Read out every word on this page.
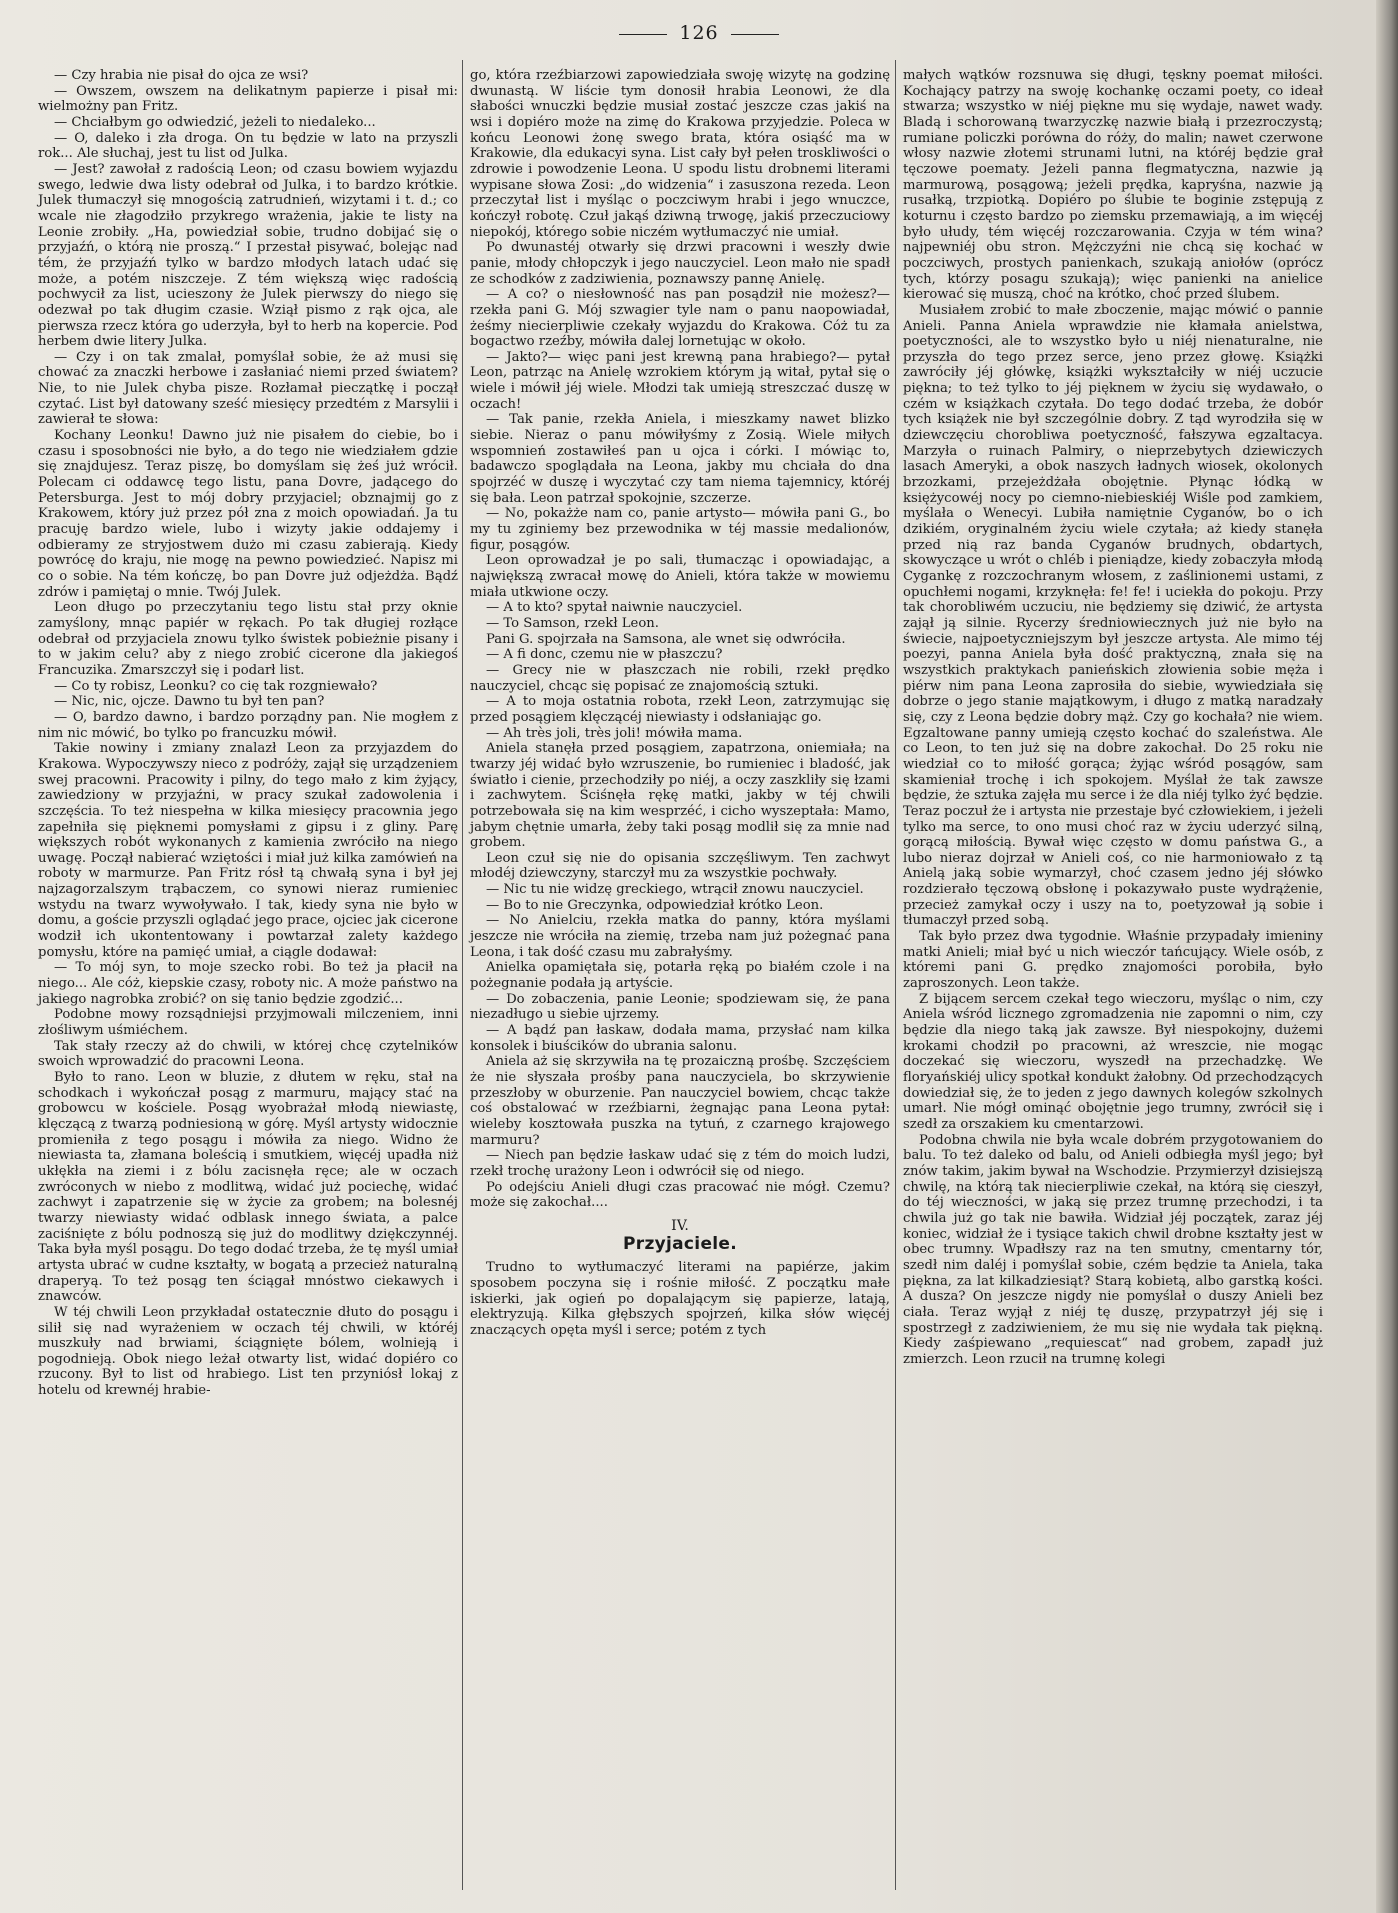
126

— Czy hrabia nie pisał do ojca ze wsi?

— Owszem, owszem na delikatnym papierze i pisał mi: wielmożny pan Fritz.

— Chciałbym go odwiedzić, jeżeli to niedaleko...

— O, daleko i zła droga. On tu będzie w lato na przyszli rok... Ale słuchaj, jest tu list od Julka.

— Jest? zawołał z radością Leon; od czasu bowiem wyjazdu swego, ledwie dwa listy odebrał od Julka, i to bardzo krótkie. Julek tłumaczył się mnogością zatrudnień, wizytami i t. d.; co wcale nie złagodziło przykrego wrażenia, jakie te listy na Leonie zrobiły. „Ha, powiedział sobie, trudno dobijać się o przyjaźń, o którą nie proszą.“ I przestał pisywać, bolejąc nad tém, że przyjaźń tylko w bardzo młodych latach udać się może, a potém niszczeje. Z tém większą więc radością pochwycił za list, ucieszony że Julek pierwszy do niego się odezwał po tak długim czasie. Wziął pismo z rąk ojca, ale pierwsza rzecz która go uderzyła, był to herb na kopercie. Pod herbem dwie litery Julka.

— Czy i on tak zmalał, pomyślał sobie, że aż musi się chować za znaczki herbowe i zasłaniać niemi przed światem? Nie, to nie Julek chyba pisze. Rozłamał pieczątkę i począł czytać. List był datowany sześć miesięcy przedtém z Marsylii i zawierał te słowa:

Kochany Leonku! Dawno już nie pisałem do ciebie, bo i czasu i sposobności nie było, a do tego nie wiedziałem gdzie się znajdujesz. Teraz piszę, bo domyślam się żeś już wrócił. Polecam ci oddawcę tego listu, pana Dovre, jadącego do Petersburga. Jest to mój dobry przyjaciel; obznajmij go z Krakowem, który już przez pół zna z moich opowiadań. Ja tu pracuję bardzo wiele, lubo i wizyty jakie oddajemy i odbieramy ze stryjostwem dużo mi czasu zabierają. Kiedy powrócę do kraju, nie mogę na pewno powiedzieć. Napisz mi co o sobie. Na tém kończę, bo pan Dovre już odjeżdża. Bądź zdrów i pamiętaj o mnie. Twój Julek.

Leon długo po przeczytaniu tego listu stał przy oknie zamyślony, mnąc papiér w rękach. Po tak długiej rozłące odebrał od przyjaciela znowu tylko świstek pobieżnie pisany i to w jakim celu? aby z niego zrobić cicerone dla jakiegoś Francuzika. Zmarszczył się i podarł list.

— Co ty robisz, Leonku? co cię tak rozgniewało?

— Nic, nic, ojcze. Dawno tu był ten pan?

— O, bardzo dawno, i bardzo porządny pan. Nie mogłem z nim nic mówić, bo tylko po francuzku mówił.

Takie nowiny i zmiany znalazł Leon za przyjazdem do Krakowa. Wypoczywszy nieco z podróży, zajął się urządzeniem swej pracowni. Pracowity i pilny, do tego mało z kim żyjący, zawiedziony w przyjaźni, w pracy szukał zadowolenia i szczęścia. To też niespełna w kilka miesięcy pracownia jego zapełniła się pięknemi pomysłami z gipsu i z gliny. Parę większych robót wykonanych z kamienia zwróciło na niego uwagę. Począł nabierać wziętości i miał już kilka zamówień na roboty w marmurze. Pan Fritz rósł tą chwałą syna i był jej najzagorzalszym trąbaczem, co synowi nieraz rumieniec wstydu na twarz wywoływało. I tak, kiedy syna nie było w domu, a goście przyszli oglądać jego prace, ojciec jak cicerone wodził ich ukontentowany i powtarzał zalety każdego pomysłu, które na pamięć umiał, a ciągle dodawał:

— To mój syn, to moje szecko robi. Bo też ja płacił na niego... Ale cóż, kiepskie czasy, roboty nic. A może państwo na jakiego nagrobka zrobić? on się tanio będzie zgodzić...

Podobne mowy rozsądniejsi przyjmowali milczeniem, inni złośliwym uśmiéchem.

Tak stały rzeczy aż do chwili, w której chcę czytelników swoich wprowadzić do pracowni Leona.

Było to rano. Leon w bluzie, z dłutem w ręku, stał na schodkach i wykończał posąg z marmuru, mający stać na grobowcu w kościele. Posąg wyobrażał młodą niewiastę, klęczącą z twarzą podniesioną w górę. Myśl artysty widocznie promieniła z tego posągu i mówiła za niego. Widno że niewiasta ta, złamana boleścią i smutkiem, więcéj upadła niż ukłękła na ziemi i z bólu zacisnęła ręce; ale w oczach zwróconych w niebo z modlitwą, widać już pociechę, widać zachwyt i zapatrzenie się w życie za grobem; na bolesnéj twarzy niewiasty widać odblask innego świata, a palce zaciśnięte z bólu podnoszą się już do modlitwy dziękczynnéj. Taka była myśl posągu. Do tego dodać trzeba, że tę myśl umiał artysta ubrać w cudne kształty, w bogatą a przecież naturalną draperyą. To też posąg ten ściągał mnóstwo ciekawych i znawców.

W téj chwili Leon przykładał ostatecznie dłuto do posągu i silił się nad wyrażeniem w oczach téj chwili, w któréj muszkuły nad brwiami, ściągnięte bólem, wolnieją i pogodnieją. Obok niego leżał otwarty list, widać dopiéro co rzucony. Był to list od hrabiego. List ten przyniósł lokaj z hotelu od krewnéj hrabie-

go, która rzeźbiarzowi zapowiedziała swoję wizytę na godzinę dwunastą. W liście tym donosił hrabia Leonowi, że dla słabości wnuczki będzie musiał zostać jeszcze czas jakiś na wsi i dopiéro może na zimę do Krakowa przyjedzie. Poleca w końcu Leonowi żonę swego brata, która osiąść ma w Krakowie, dla edukacyi syna. List cały był pełen troskliwości o zdrowie i powodzenie Leona. U spodu listu drobnemi literami wypisane słowa Zosi: „do widzenia“ i zasuszona rezeda. Leon przeczytał list i myśląc o poczciwym hrabi i jego wnuczce, kończył robotę. Czuł jakąś dziwną trwogę, jakiś przeczuciowy niepokój, którego sobie niczém wytłumaczyć nie umiał.

Po dwunastéj otwarły się drzwi pracowni i weszły dwie panie, młody chłopczyk i jego nauczyciel. Leon mało nie spadł ze schodków z zadziwienia, poznawszy pannę Anielę.

— A co? o niesłowność nas pan posądził nie możesz?—rzekła pani G. Mój szwagier tyle nam o panu naopowiadał, żeśmy niecierpliwie czekały wyjazdu do Krakowa. Cóż tu za bogactwo rzeźby, mówiła dalej lornetując w około.

— Jakto?— więc pani jest krewną pana hrabiego?— pytał Leon, patrząc na Anielę wzrokiem którym ją witał, pytał się o wiele i mówił jéj wiele. Młodzi tak umieją streszczać duszę w oczach!

— Tak panie, rzekła Aniela, i mieszkamy nawet blizko siebie. Nieraz o panu mówiłyśmy z Zosią. Wiele miłych wspomnień zostawiłeś pan u ojca i córki. I mówiąc to, badawczo spoglądała na Leona, jakby mu chciała do dna spojrzéć w duszę i wyczytać czy tam niema tajemnicy, któréj się bała. Leon patrzał spokojnie, szczerze.

— No, pokażże nam co, panie artysto— mówiła pani G., bo my tu zginiemy bez przewodnika w téj massie medalionów, figur, posągów.

Leon oprowadzał je po sali, tłumacząc i opowiadając, a największą zwracał mowę do Anieli, która także w mowiemu miała utkwione oczy.

— A to kto? spytał naiwnie nauczyciel.

— To Samson, rzekł Leon.

Pani G. spojrzała na Samsona, ale wnet się odwróciła.

— A fi donc, czemu nie w płaszczu?

— Grecy nie w płaszczach nie robili, rzekł prędko nauczyciel, chcąc się popisać ze znajomością sztuki.

— A to moja ostatnia robota, rzekł Leon, zatrzymując się przed posągiem klęczącéj niewiasty i odsłaniając go.

— Ah très joli, très joli! mówiła mama.

Aniela stanęła przed posągiem, zapatrzona, oniemiała; na twarzy jéj widać było wzruszenie, bo rumieniec i bladość, jak światło i cienie, przechodziły po niéj, a oczy zaszkliły się łzami i zachwytem. Ściśnęła rękę matki, jakby w téj chwili potrzebowała się na kim wesprzéć, i cicho wyszeptała: Mamo, jabym chętnie umarła, żeby taki posąg modlił się za mnie nad grobem.

Leon czuł się nie do opisania szczęśliwym. Ten zachwyt młodéj dziewczyny, starczył mu za wszystkie pochwały.

— Nic tu nie widzę greckiego, wtrącił znowu nauczyciel.

— Bo to nie Greczynka, odpowiedział krótko Leon.

— No Anielciu, rzekła matka do panny, która myślami jeszcze nie wróciła na ziemię, trzeba nam już pożegnać pana Leona, i tak dość czasu mu zabrałyśmy.

Anielka opamiętała się, potarła ręką po białém czole i na pożegnanie podała ją artyście.

— Do zobaczenia, panie Leonie; spodziewam się, że pana niezadługo u siebie ujrzemy.

— A bądź pan łaskaw, dodała mama, przysłać nam kilka konsolek i biuścików do ubrania salonu.

Aniela aż się skrzywiła na tę prozaiczną prośbę. Szczęściem że nie słyszała prośby pana nauczyciela, bo skrzywienie przeszłoby w oburzenie. Pan nauczyciel bowiem, chcąc także coś obstalować w rzeźbiarni, żegnając pana Leona pytał: wieleby kosztowała puszka na tytuń, z czarnego krajowego marmuru?

— Niech pan będzie łaskaw udać się z tém do moich ludzi, rzekł trochę urażony Leon i odwrócił się od niego.

Po odejściu Anieli długi czas pracować nie mógł. Czemu? może się zakochał....

IV.
Przyjaciele.

Trudno to wytłumaczyć literami na papiérze, jakim sposobem poczyna się i rośnie miłość. Z początku małe iskierki, jak ogień po dopalającym się papierze, latają, elektryzują. Kilka głębszych spojrzeń, kilka słów więcéj znaczących opęta myśl i serce; potém z tych

małych wątków rozsnuwa się długi, tęskny poemat miłości. Kochający patrzy na swoję kochankę oczami poety, co ideał stwarza; wszystko w niéj piękne mu się wydaje, nawet wady. Bladą i schorowaną twarzyczkę nazwie białą i przezroczystą; rumiane policzki porówna do róży, do malin; nawet czerwone włosy nazwie złotemi strunami lutni, na któréj będzie grał tęczowe poematy. Jeżeli panna flegmatyczna, nazwie ją marmurową, posągową; jeżeli prędka, kapryśna, nazwie ją rusałką, trzpiotką. Dopiéro po ślubie te boginie zstępują z koturnu i często bardzo po ziemsku przemawiają, a im więcéj było ułudy, tém więcéj rozczarowania. Czyja w tém wina? najpewniéj obu stron. Mężczyźni nie chcą się kochać w poczciwych, prostych panienkach, szukają aniołów (oprócz tych, którzy posagu szukają); więc panienki na anielice kierować się muszą, choć na krótko, choć przed ślubem.

Musiałem zrobić to małe zboczenie, mając mówić o pannie Anieli. Panna Aniela wprawdzie nie kłamała anielstwa, poetyczności, ale to wszystko było u niéj nienaturalne, nie przyszła do tego przez serce, jeno przez głowę. Książki zawróciły jéj główkę, książki wykształciły w niéj uczucie piękna; to też tylko to jéj pięknem w życiu się wydawało, o czém w książkach czytała. Do tego dodać trzeba, że dobór tych książek nie był szczególnie dobry. Z tąd wyrodziła się w dziewczęciu chorobliwa poetyczność, fałszywa egzaltacya. Marzyła o ruinach Palmiry, o nieprzebytych dziewiczych lasach Ameryki, a obok naszych ładnych wiosek, okolonych brzozkami, przejeżdżała obojętnie. Płynąc łódką w księżycowéj nocy po ciemno-niebieskiéj Wiśle pod zamkiem, myślała o Wenecyi. Lubiła namiętnie Cyganów, bo o ich dzikiém, oryginalném życiu wiele czytała; aż kiedy stanęła przed nią raz banda Cyganów brudnych, obdartych, skowyczące u wrót o chléb i pieniądze, kiedy zobaczyła młodą Cygankę z rozczochranym włosem, z zaślinionemi ustami, z opuchłemi nogami, krzyknęła: fe! fe! i uciekła do pokoju. Przy tak chorobliwém uczuciu, nie będziemy się dziwić, że artysta zajął ją silnie. Rycerzy średniowiecznych już nie było na świecie, najpoetyczniejszym był jeszcze artysta. Ale mimo téj poezyi, panna Aniela była dość praktyczną, znała się na wszystkich praktykach panieńskich złowienia sobie męża i piérw nim pana Leona zaprosiła do siebie, wywiedziała się dobrze o jego stanie majątkowym, i długo z matką naradzały się, czy z Leona będzie dobry mąż. Czy go kochała? nie wiem. Egzaltowane panny umieją często kochać do szaleństwa. Ale co Leon, to ten już się na dobre zakochał. Do 25 roku nie wiedział co to miłość gorąca; żyjąc wśród posągów, sam skamieniał trochę i ich spokojem. Myślał że tak zawsze będzie, że sztuka zajęła mu serce i że dla niéj tylko żyć będzie. Teraz poczuł że i artysta nie przestaje być człowiekiem, i jeżeli tylko ma serce, to ono musi choć raz w życiu uderzyć silną, gorącą miłością. Bywał więc często w domu państwa G., a lubo nieraz dojrzał w Anieli coś, co nie harmoniowało z tą Anielą jaką sobie wymarzył, choć czasem jedno jéj słówko rozdzierało tęczową obsłonę i pokazywało puste wydrążenie, przecież zamykał oczy i uszy na to, poetyzował ją sobie i tłumaczył przed sobą.

Tak było przez dwa tygodnie. Właśnie przypadały imieniny matki Anieli; miał być u nich wieczór tańcujący. Wiele osób, z któremi pani G. prędko znajomości porobiła, było zaproszonych. Leon także.

Z bijącem sercem czekał tego wieczoru, myśląc o nim, czy Aniela wśród licznego zgromadzenia nie zapomni o nim, czy będzie dla niego taką jak zawsze. Był niespokojny, dużemi krokami chodził po pracowni, aż wreszcie, nie mogąc doczekać się wieczoru, wyszedł na przechadzkę. We floryańskiéj ulicy spotkał kondukt żałobny. Od przechodzących dowiedział się, że to jeden z jego dawnych kolegów szkolnych umarł. Nie mógł ominąć obojętnie jego trumny, zwrócił się i szedł za orszakiem ku cmentarzowi.

Podobna chwila nie była wcale dobrém przygotowaniem do balu. To też daleko od balu, od Anieli odbiegła myśl jego; był znów takim, jakim bywał na Wschodzie. Przymierzył dzisiejszą chwilę, na którą tak niecierpliwie czekał, na którą się cieszył, do téj wieczności, w jaką się przez trumnę przechodzi, i ta chwila już go tak nie bawiła. Widział jéj początek, zaraz jéj koniec, widział że i tysiące takich chwil drobne kształty jest w obec trumny. Wpadłszy raz na ten smutny, cmentarny tór, szedł nim daléj i pomyślał sobie, czém będzie ta Aniela, taka piękna, za lat kilkadziesiąt? Starą kobietą, albo garstką kości. A dusza? On jeszcze nigdy nie pomyślał o duszy Anieli bez ciała. Teraz wyjął z niéj tę duszę, przypatrzył jéj się i spostrzegł z zadziwieniem, że mu się nie wydała tak piękną. Kiedy zaśpiewano „requiescat“ nad grobem, zapadł już zmierzch. Leon rzucił na trumnę kolegi
